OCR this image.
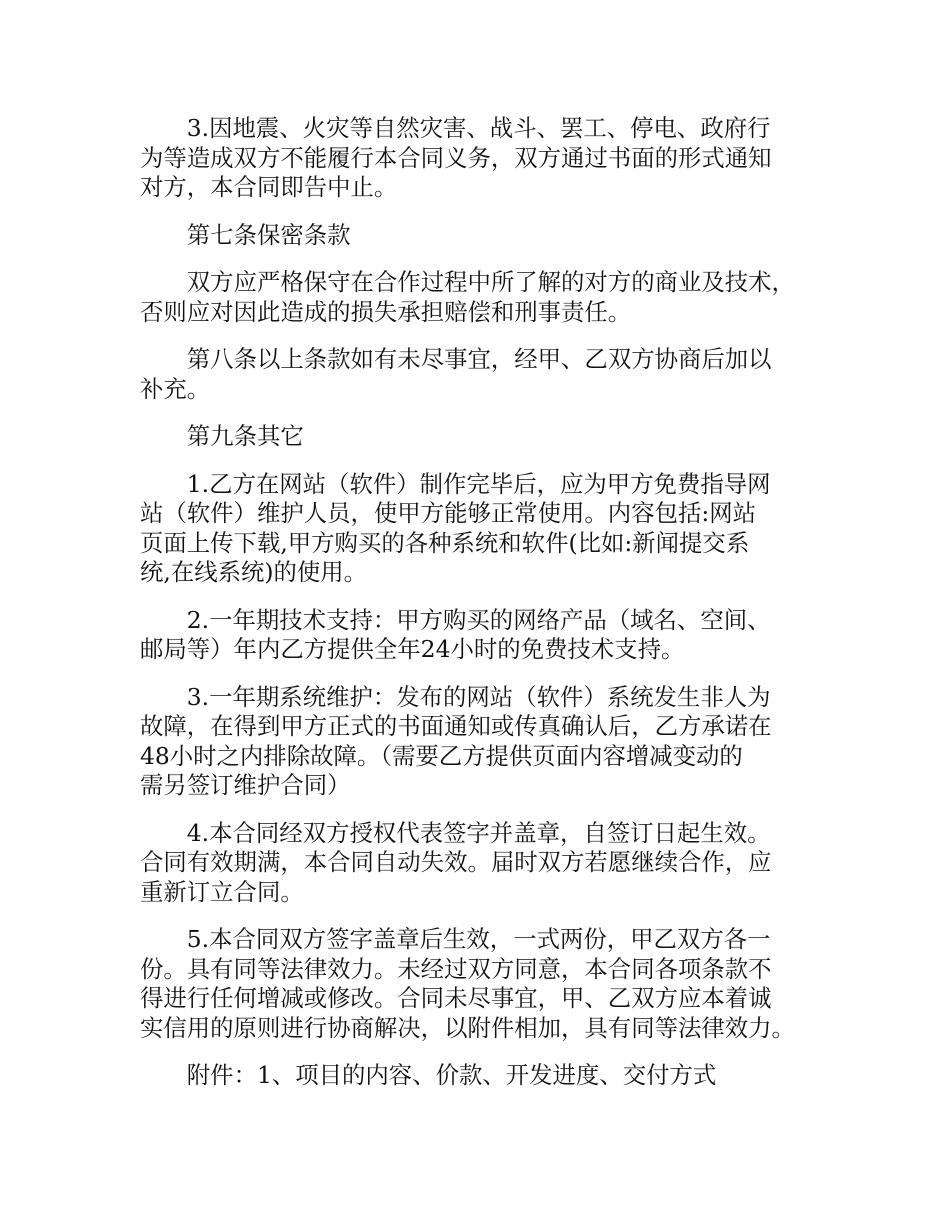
3.因地震、火灾等自然灾害、战斗、罢工、停电、政府行
为等造成双方不能履行本合同义务，双方通过书面的形式通知
对方，本合同即告中止。

第七条保密条款

双方应严格保守在合作过程中所了解的对方的商业及技术，
否则应对因此造成的损失承担赔偿和刑事责任。

第八条以上条款如有未尽事宜，经甲、乙双方协商后加以
补充。

第九条其它

1.乙方在网站（软件）制作完毕后，应为甲方免费指导网
站（软件）维护人员，使甲方能够正常使用。内容包括:网站
页面上传下载,甲方购买的各种系统和软件(比如:新闻提交系
统,在线系统)的使用。

2.一年期技术支持：甲方购买的网络产品（域名、空间、
邮局等）年内乙方提供全年24小时的免费技术支持。

3.一年期系统维护：发布的网站（软件）系统发生非人为
故障，在得到甲方正式的书面通知或传真确认后，乙方承诺在
48小时之内排除故障。（需要乙方提供页面内容增减变动的
需另签订维护合同）

4.本合同经双方授权代表签字并盖章，自签订日起生效。
合同有效期满，本合同自动失效。届时双方若愿继续合作，应
重新订立合同。

5.本合同双方签字盖章后生效，一式两份，甲乙双方各一
份。具有同等法律效力。未经过双方同意，本合同各项条款不
得进行任何增减或修改。合同未尽事宜，甲、乙双方应本着诚
实信用的原则进行协商解决，以附件相加，具有同等法律效力。

附件：1、项目的内容、价款、开发进度、交付方式
